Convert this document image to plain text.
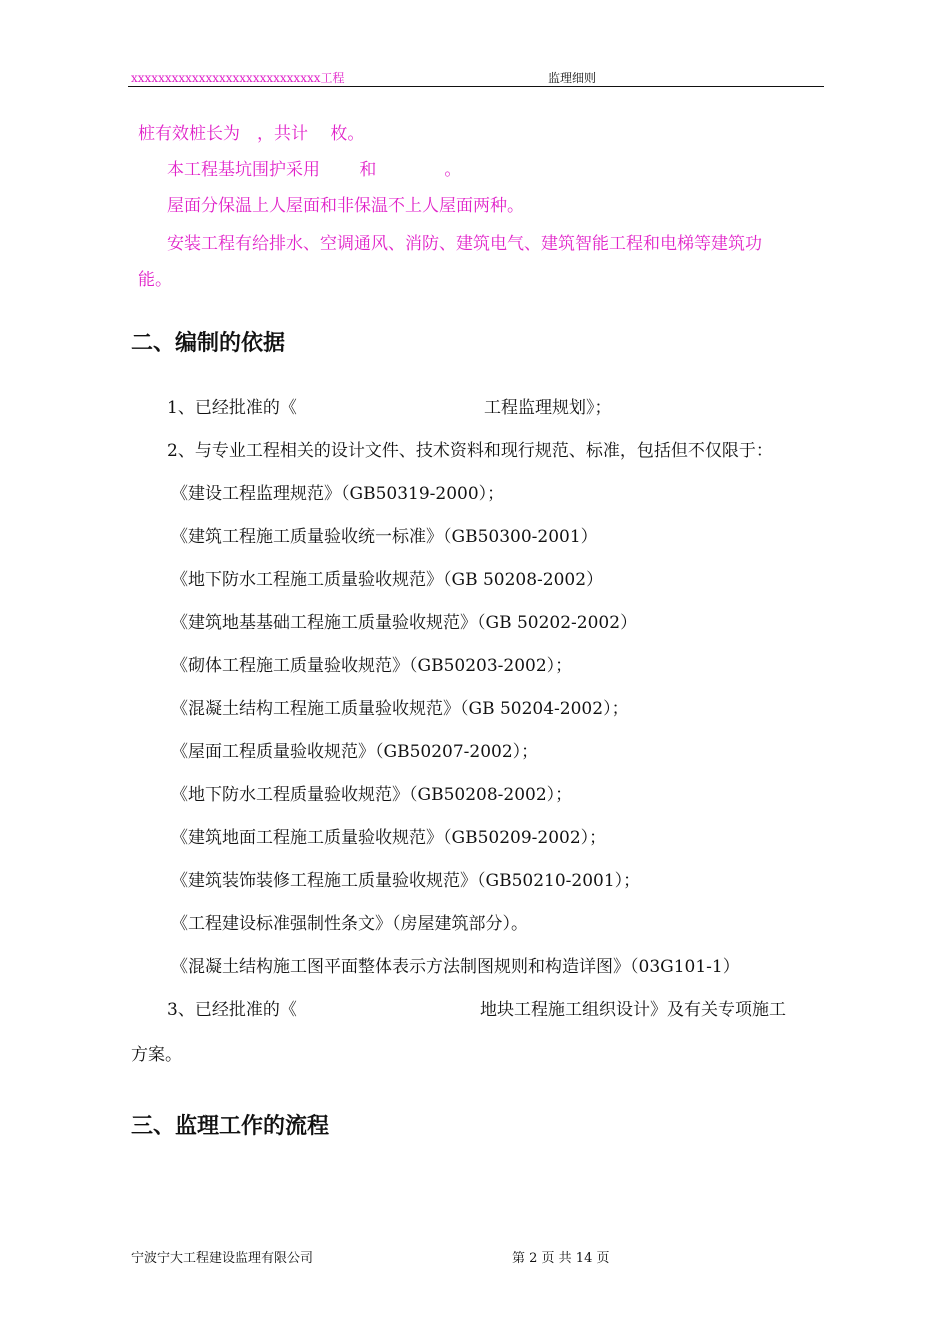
xxxxxxxxxxxxxxxxxxxxxxxxxxxx工程	监理细则
桩有效桩长为　，共计　 枚。
本工程基坑围护采用　　 和　　　　。
屋面分保温上人屋面和非保温不上人屋面两种。
安装工程有给排水、空调通风、消防、建筑电气、建筑智能工程和电梯等建筑功
能。
二、编制的依据
1、已经批准的《	工程监理规划》；
2、与专业工程相关的设计文件、技术资料和现行规范、标准，包括但不仅限于：
《建设工程监理规范》（GB50319-2000）；
《建筑工程施工质量验收统一标准》（GB50300-2001）
《地下防水工程施工质量验收规范》（GB 50208-2002）
《建筑地基基础工程施工质量验收规范》（GB 50202-2002）
《砌体工程施工质量验收规范》（GB50203-2002）；
《混凝土结构工程施工质量验收规范》（GB 50204-2002）；
《屋面工程质量验收规范》（GB50207-2002）；
《地下防水工程质量验收规范》（GB50208-2002）；
《建筑地面工程施工质量验收规范》（GB50209-2002）；
《建筑装饰装修工程施工质量验收规范》（GB50210-2001）；
《工程建设标准强制性条文》（房屋建筑部分）。
《混凝土结构施工图平面整体表示方法制图规则和构造详图》（03G101-1）
3、已经批准的《	地块工程施工组织设计》及有关专项施工
方案。
三、监理工作的流程
宁波宁大工程建设监理有限公司	第 2 页 共 14 页
